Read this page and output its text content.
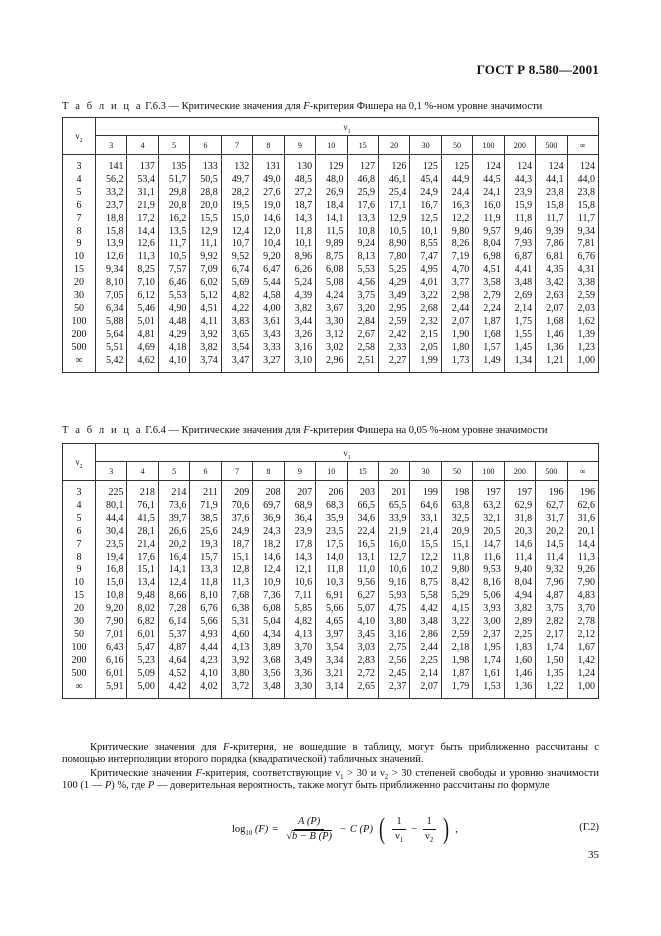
ГОСТ Р 8.580—2001
Т а б л и ц а Г.6.3 — Критические значения для F-критерия Фишера на 0,1 %-ном уровне значимости
$\nu_2$	$\nu_1$
	3	4	5	6	7	8	9	10	15	20	30	50	100	200	500	∞
3	141	137	135	133	132	131	130	129	127	126	125	125	124	124	124	124
4	56,2	53,4	51,7	50,5	49,7	49,0	48,5	48,0	46,8	46,1	45,4	44,9	44,5	44,3	44,1	44,0
5	33,2	31,1	29,8	28,8	28,2	27,6	27,2	26,9	25,9	25,4	24,9	24,4	24,1	23,9	23,8	23,8
6	23,7	21,9	20,8	20,0	19,5	19,0	18,7	18,4	17,6	17,1	16,7	16,3	16,0	15,9	15,8	15,8
7	18,8	17,2	16,2	15,5	15,0	14,6	14,3	14,1	13,3	12,9	12,5	12,2	11,9	11,8	11,7	11,7
8	15,8	14,4	13,5	12,9	12,4	12,0	11,8	11,5	10,8	10,5	10,1	9,80	9,57	9,46	9,39	9,34
9	13,9	12,6	11,7	11,1	10,7	10,4	10,1	9,89	9,24	8,90	8,55	8,26	8,04	7,93	7,86	7,81
10	12,6	11,3	10,5	9,92	9,52	9,20	8,96	8,75	8,13	7,80	7,47	7,19	6,98	6,87	6,81	6,76
15	9,34	8,25	7,57	7,09	6,74	6,47	6,26	6,08	5,53	5,25	4,95	4,70	4,51	4,41	4,35	4,31
20	8,10	7,10	6,46	6,02	5,69	5,44	5,24	5,08	4,56	4,29	4,01	3,77	3,58	3,48	3,42	3,38
30	7,05	6,12	5,53	5,12	4,82	4,58	4,39	4,24	3,75	3,49	3,22	2,98	2,79	2,69	2,63	2,59
50	6,34	5,46	4,90	4,51	4,22	4,00	3,82	3,67	3,20	2,95	2,68	2,44	2,24	2,14	2,07	2,03
100	5,88	5,01	4,48	4,11	3,83	3,61	3,44	3,30	2,84	2,59	2,32	2,07	1,87	1,75	1,68	1,62
200	5,64	4,81	4,29	3,92	3,65	3,43	3,26	3,12	2,67	2,42	2,15	1,90	1,68	1,55	1,46	1,39
500	5,51	4,69	4,18	3,82	3,54	3,33	3,16	3,02	2,58	2,33	2,05	1,80	1,57	1,45	1,36	1,23
∞	5,42	4,62	4,10	3,74	3,47	3,27	3,10	2,96	2,51	2,27	1,99	1,73	1,49	1,34	1,21	1,00
Т а б л и ц а Г.6.4 — Критические значения для F-критерия Фишера на 0,05 %-ном уровне значимости
$\nu_2$	$\nu_1$
	3	4	5	6	7	8	9	10	15	20	30	50	100	200	500	∞
3	225	218	214	211	209	208	207	206	203	201	199	198	197	197	196	196
4	80,1	76,1	73,6	71,9	70,6	69,7	68,9	68,3	66,5	65,5	64,6	63,8	63,2	62,9	62,7	62,6
5	44,4	41,5	39,7	38,5	37,6	36,9	36,4	35,9	34,6	33,9	33,1	32,5	32,1	31,8	31,7	31,6
6	30,4	28,1	26,6	25,6	24,9	24,3	23,9	23,5	22,4	21,9	21,4	20,9	20,5	20,3	20,2	20,1
7	23,5	21,4	20,2	19,3	18,7	18,2	17,8	17,5	16,5	16,0	15,5	15,1	14,7	14,6	14,5	14,4
8	19,4	17,6	16,4	15,7	15,1	14,6	14,3	14,0	13,1	12,7	12,2	11,8	11,6	11,4	11,4	11,3
9	16,8	15,1	14,1	13,3	12,8	12,4	12,1	11,8	11,0	10,6	10,2	9,80	9,53	9,40	9,32	9,26
10	15,0	13,4	12,4	11,8	11,3	10,9	10,6	10,3	9,56	9,16	8,75	8,42	8,16	8,04	7,96	7,90
15	10,8	9,48	8,66	8,10	7,68	7,36	7,11	6,91	6,27	5,93	5,58	5,29	5,06	4,94	4,87	4,83
20	9,20	8,02	7,28	6,76	6,38	6,08	5,85	5,66	5,07	4,75	4,42	4,15	3,93	3,82	3,75	3,70
30	7,90	6,82	6,14	5,66	5,31	5,04	4,82	4,65	4,10	3,80	3,48	3,22	3,00	2,89	2,82	2,78
50	7,01	6,01	5,37	4,93	4,60	4,34	4,13	3,97	3,45	3,16	2,86	2,59	2,37	2,25	2,17	2,12
100	6,43	5,47	4,87	4,44	4,13	3,89	3,70	3,54	3,03	2,75	2,44	2,18	1,95	1,83	1,74	1,67
200	6,16	5,23	4,64	4,23	3,92	3,68	3,49	3,34	2,83	2,56	2,25	1,98	1,74	1,60	1,50	1,42
500	6,01	5,09	4,52	4,10	3,80	3,56	3,36	3,21	2,72	2,45	2,14	1,87	1,61	1,46	1,35	1,24
∞	5,91	5,00	4,42	4,02	3,72	3,48	3,30	3,14	2,65	2,37	2,07	1,79	1,53	1,36	1,22	1,00
Критические значения для F-критерия, не вошедшие в таблицу, могут быть приближенно рассчитаны с помощью интерполяции второго порядка (квадратической) табличных значений.
Критические значения F-критерия, соответствующие $\nu_1 > 30$ и $\nu_2 > 30$ степеней свободы и уровню значимости 100 (1 — P) %, где P — доверительная вероятность, также могут быть приближенно рассчитаны по формуле
$\log_{10} (F) = \frac{A (P)}{√b - B (P)} - C$ (P) ( $\frac{1}{\nu_1} - \frac{1}{\nu_2}$ ) ,	(Г.2)
35
